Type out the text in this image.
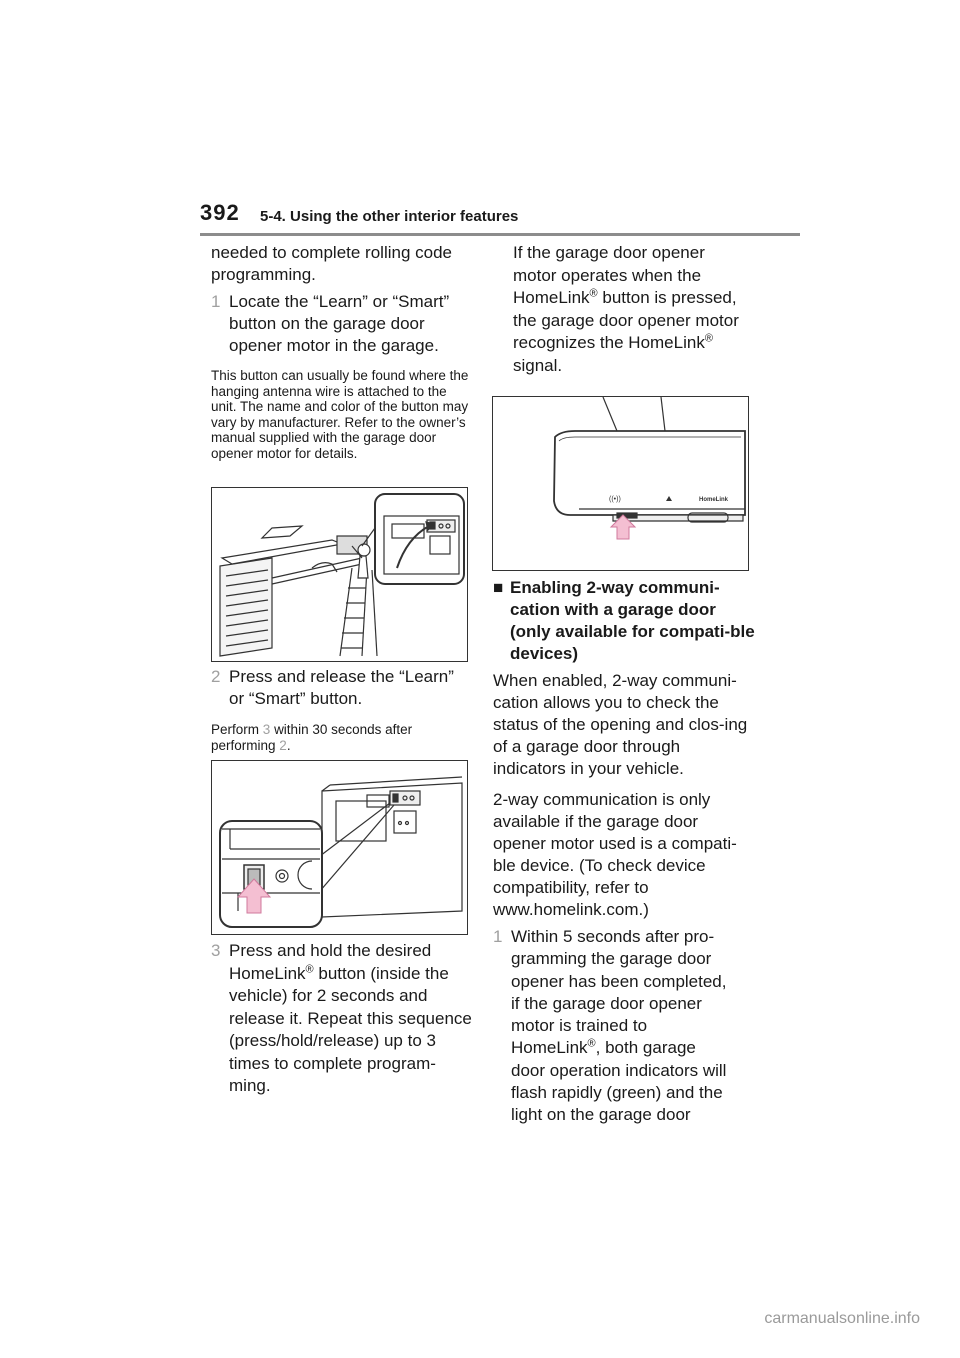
392 5-4. Using the other interior features

needed to complete rolling code programming.

1 Locate the “Learn” or “Smart” button on the garage door opener motor in the garage.

This button can usually be found where the hanging antenna wire is attached to the unit. The name and color of the button may vary by manufacturer. Refer to the owner’s manual supplied with the garage door opener motor for details.

2 Press and release the “Learn” or “Smart” button.

Perform 3 within 30 seconds after performing 2.

3 Press and hold the desired HomeLink® button (inside the vehicle) for 2 seconds and release it. Repeat this sequence (press/hold/release) up to 3 times to complete program-ming.

If the garage door opener motor operates when the HomeLink® button is pressed, the garage door opener motor recognizes the HomeLink® signal.

((•))	HomeLink
■ Enabling 2-way communi-cation with a garage door (only available for compati-ble devices)

When enabled, 2-way communi-cation allows you to check the status of the opening and clos-ing of a garage door through indicators in your vehicle.

2-way communication is only available if the garage door opener motor used is a compati-ble device. (To check device compatibility, refer to www.homelink.com.)

1 Within 5 seconds after pro-gramming the garage door opener has been completed, if the garage door opener motor is trained to HomeLink®, both garage door operation indicators will flash rapidly (green) and the light on the garage door
carmanualsonline.info
